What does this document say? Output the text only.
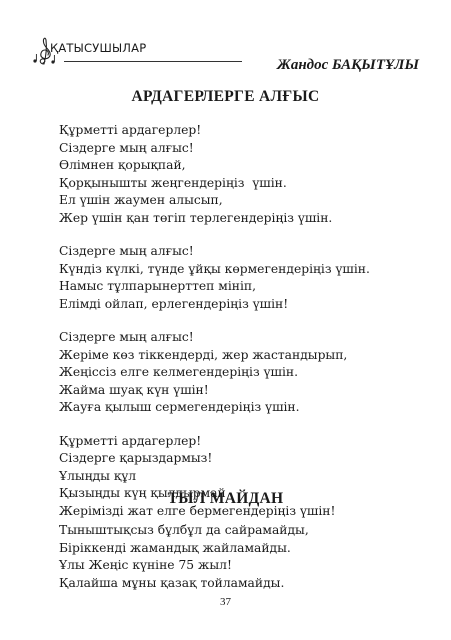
ҚАТЫСУШЫЛАР
Жандос БАҚЫТҰЛЫ
АРДАГЕРЛЕРГЕ АЛҒЫС
Құрметті ардагерлер!
Сіздерге мың алғыс!
Өлімнен қорықпай,
Қорқынышты жеңгендеріңіз  үшін.
Ел үшін жаумен алысып,
Жер үшін қан төгіп терлегендеріңіз үшін.
Сіздерге мың алғыс!
Күндіз күлкі, түнде ұйқы көрмегендеріңіз үшін.
Намыс тұлпарынерттеп мініп,
Елімді ойлап, ерлегендеріңіз үшін!
Сіздерге мың алғыс!
Жеріме көз тіккендерді, жер жастандырып,
Жеңіссіз елге келмегендеріңіз үшін.
Жайма шуақ күн үшін!
Жауға қылыш сермегендеріңіз үшін.
Құрметті ардагерлер!
Сіздерге қарыздармыз!
Ұлыңды құл
Қызыңды күң қылдырмай
Жерімізді жат елге бермегендеріңіз үшін!
ТЫЛ МАЙДАН
Тыныштықсыз бұлбұл да сайрамайды,
Біріккенді жамандық жайламайды.
Ұлы Жеңіс күніне 75 жыл!
Қалайша мұны қазақ тойламайды.
37
